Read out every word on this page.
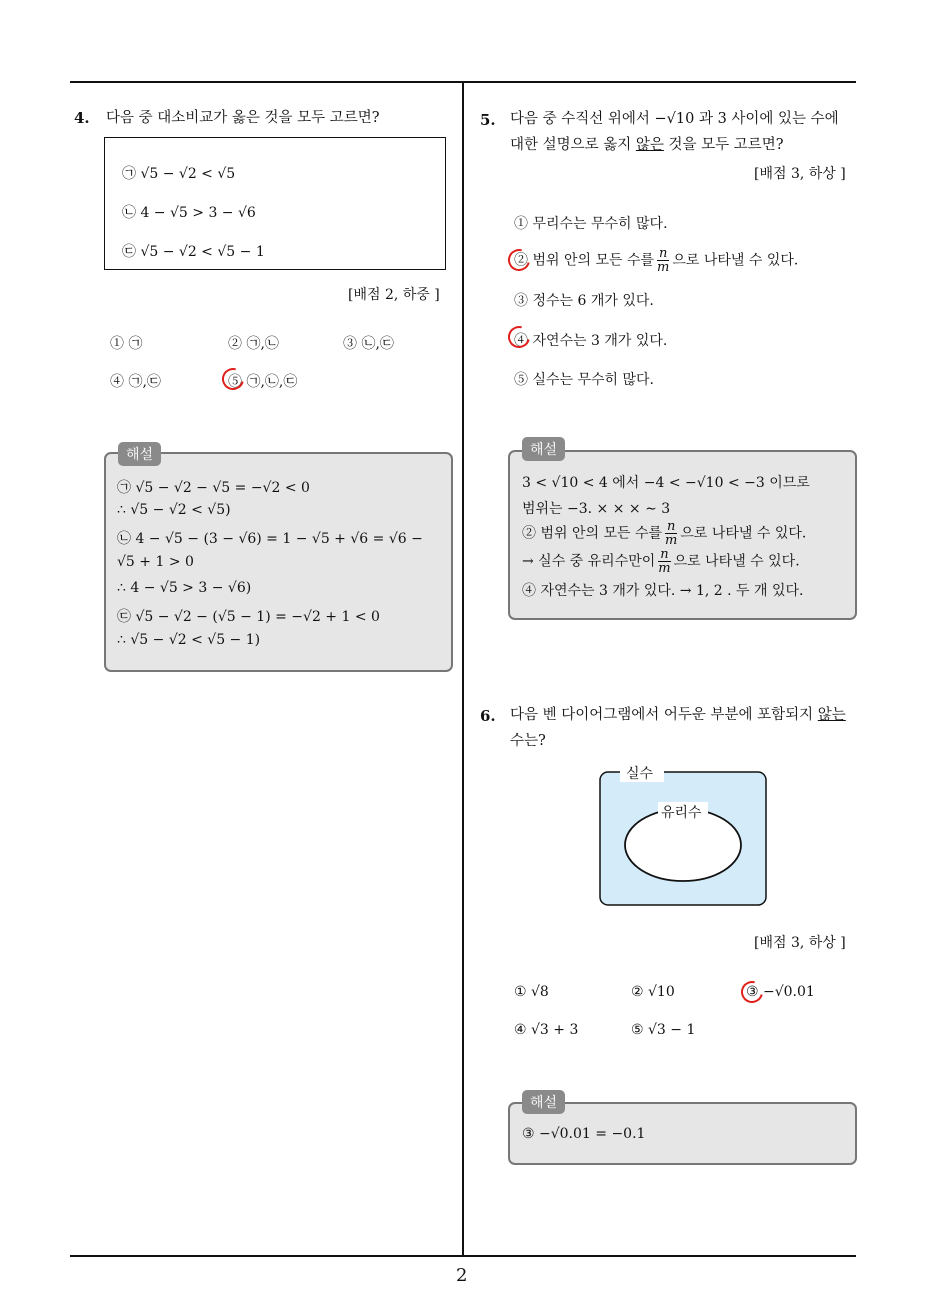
2
4. 다음 중 대소비교가 옳은 것을 모두 고르면?
㉠ √5 − √2 < √5
㉡ 4 − √5 > 3 − √6
㉢ √5 − √2 < √5 − 1
[배점 2, 하중 ]
① ㉠	② ㉠,㉡	③ ㉡,㉢
④ ㉠,㉢	⑤ ㉠,㉡,㉢
해설
㉠ √5 − √2 − √5 = −√2 < 0
∴ √5 − √2 < √5)
㉡ 4 − √5 − (3 − √6) = 1 − √5 + √6 = √6 −
√5 + 1 > 0
∴ 4 − √5 > 3 − √6)
㉢ √5 − √2 − (√5 − 1) = −√2 + 1 < 0
∴ √5 − √2 < √5 − 1)
5. 다음 중 수직선 위에서 −√10 과 3 사이에 있는 수에
대한 설명으로 옳지 않은 것을 모두 고르면?
[배점 3, 하상 ]
① 무리수는 무수히 많다.
② 범위 안의 모든 수를 $\frac{n}{m}$ 으로 나타낼 수 있다.
③ 정수는 6 개가 있다.
④ 자연수는 3 개가 있다.
⑤ 실수는 무수히 많다.
해설
3 < √10 < 4 에서 −4 < −√10 < −3 이므로
범위는 −3. × × × ∼ 3
② 범위 안의 모든 수를 $\frac{n}{m}$ 으로 나타낼 수 있다.
→ 실수 중 유리수만이 $\frac{n}{m}$ 으로 나타낼 수 있다.
④ 자연수는 3 개가 있다. → 1, 2 . 두 개 있다.
6. 다음 벤 다이어그램에서 어두운 부분에 포함되지 않는
수는?
실수
유리수
[배점 3, 하상 ]
① √8	② √10	③ −√0.01
④ √3 + 3	⑤ √3 − 1
해설
③ −√0.01 = −0.1
